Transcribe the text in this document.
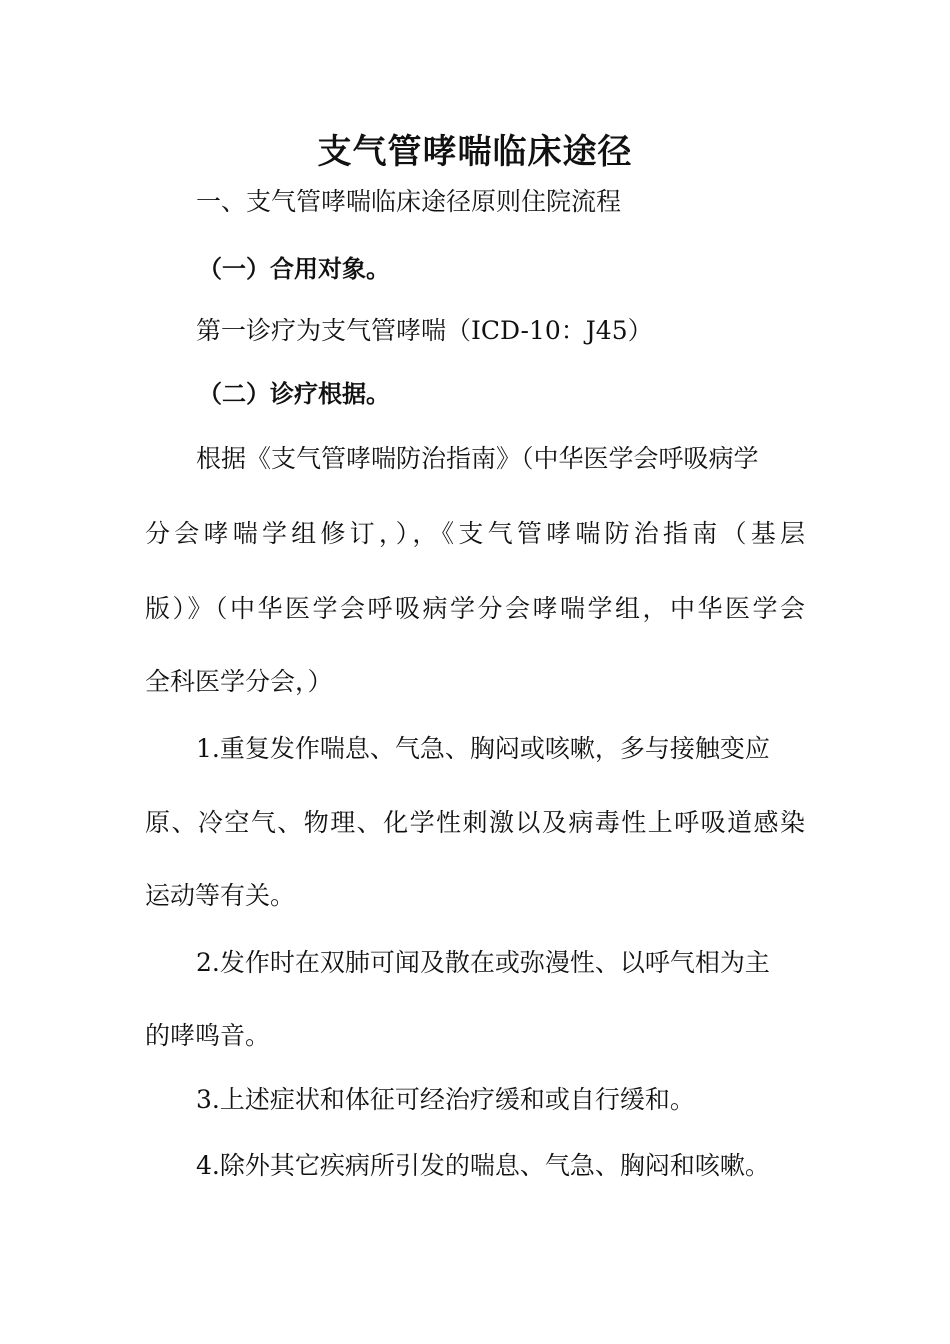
支气管哮喘临床途径
一、支气管哮喘临床途径原则住院流程
（一）合用对象。
第一诊疗为支气管哮喘（ICD-10：J45）
（二）诊疗根据。
根据《支气管哮喘防治指南》（中华医学会呼吸病学
分会哮喘学组修订，），《支气管哮喘防治指南（基层
版）》（中华医学会呼吸病学分会哮喘学组，中华医学会
全科医学分会，）
1.重复发作喘息、气急、胸闷或咳嗽，多与接触变应
原、冷空气、物理、化学性刺激以及病毒性上呼吸道感染
运动等有关。
2.发作时在双肺可闻及散在或弥漫性、以呼气相为主
的哮鸣音。
3.上述症状和体征可经治疗缓和或自行缓和。
4.除外其它疾病所引发的喘息、气急、胸闷和咳嗽。
